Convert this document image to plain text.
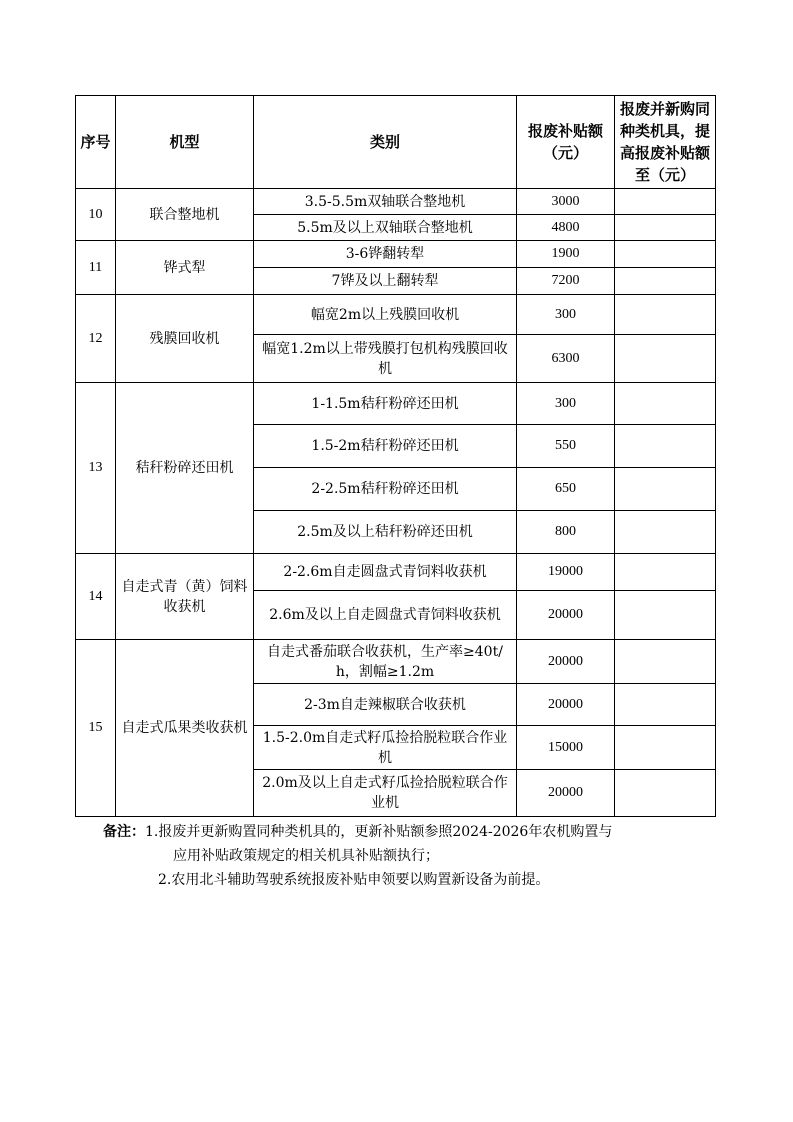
序号	机型	类别	报废补贴额（元）	报废并新购同种类机具，提高报废补贴额至（元）
10	联合整地机	3.5-5.5m双轴联合整地机	3000	
		5.5m及以上双轴联合整地机	4800	
11	铧式犁	3-6铧翻转犁	1900	
		7铧及以上翻转犁	7200	
12	残膜回收机	幅宽2m以上残膜回收机	300	
		幅宽1.2m以上带残膜打包机构残膜回收机	6300	
13	秸秆粉碎还田机	1-1.5m秸秆粉碎还田机	300	
		1.5-2m秸秆粉碎还田机	550	
		2-2.5m秸秆粉碎还田机	650	
		2.5m及以上秸秆粉碎还田机	800	
14	自走式青（黄）饲料收获机	2-2.6m自走圆盘式青饲料收获机	19000	
		2.6m及以上自走圆盘式青饲料收获机	20000	
15	自走式瓜果类收获机	自走式番茄联合收获机，生产率≥40t/h，割幅≥1.2m	20000	
		2-3m自走辣椒联合收获机	20000	
		1.5-2.0m自走式籽瓜捡拾脱粒联合作业机	15000	
		2.0m及以上自走式籽瓜捡拾脱粒联合作业机	20000	
备注：1.报废并更新购置同种类机具的，更新补贴额参照2024-2026年农机购置与
应用补贴政策规定的相关机具补贴额执行；
2.农用北斗辅助驾驶系统报废补贴申领要以购置新设备为前提。
